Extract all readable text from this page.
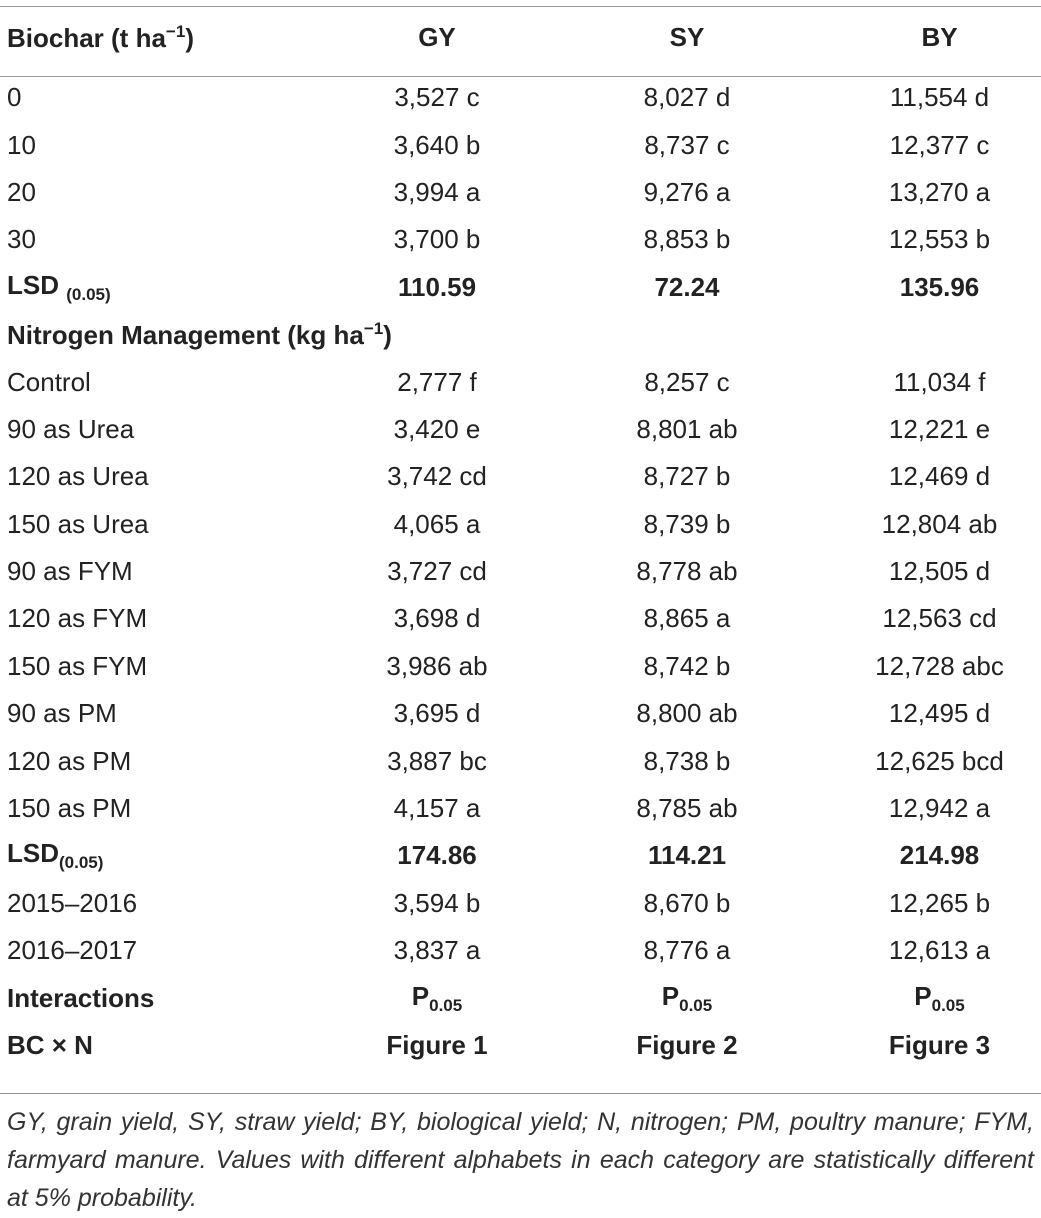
Biochar (t $ha^{-1}$)	GY	SY	BY
0	3,527 c	8,027 d	11,554 d
10	3,640 b	8,737 c	12,377 c
20	3,994 a	9,276 a	13,270 a
30	3,700 b	8,853 b	12,553 b
LSD $_{(0.05)}$	110.59	72.24	135.96
Nitrogen Management (kg $ha^{-1}$)			
Control	2,777 f	8,257 c	11,034 f
90 as Urea	3,420 e	8,801 ab	12,221 e
120 as Urea	3,742 cd	8,727 b	12,469 d
150 as Urea	4,065 a	8,739 b	12,804 ab
90 as FYM	3,727 cd	8,778 ab	12,505 d
120 as FYM	3,698 d	8,865 a	12,563 cd
150 as FYM	3,986 ab	8,742 b	12,728 abc
90 as PM	3,695 d	8,800 ab	12,495 d
120 as PM	3,887 bc	8,738 b	12,625 bcd
150 as PM	4,157 a	8,785 ab	12,942 a
$LSD_{(0.05)}$	174.86	114.21	214.98
2015–2016	3,594 b	8,670 b	12,265 b
2016–2017	3,837 a	8,776 a	12,613 a
Interactions	$P_{0.05}$	$P_{0.05}$	$P_{0.05}$
BC × N	Figure 1	Figure 2	Figure 3
GY, grain yield, SY, straw yield; BY, biological yield; N, nitrogen; PM, poultry manure; FYM, farmyard manure. Values with different alphabets in each category are statistically different at 5% probability.
